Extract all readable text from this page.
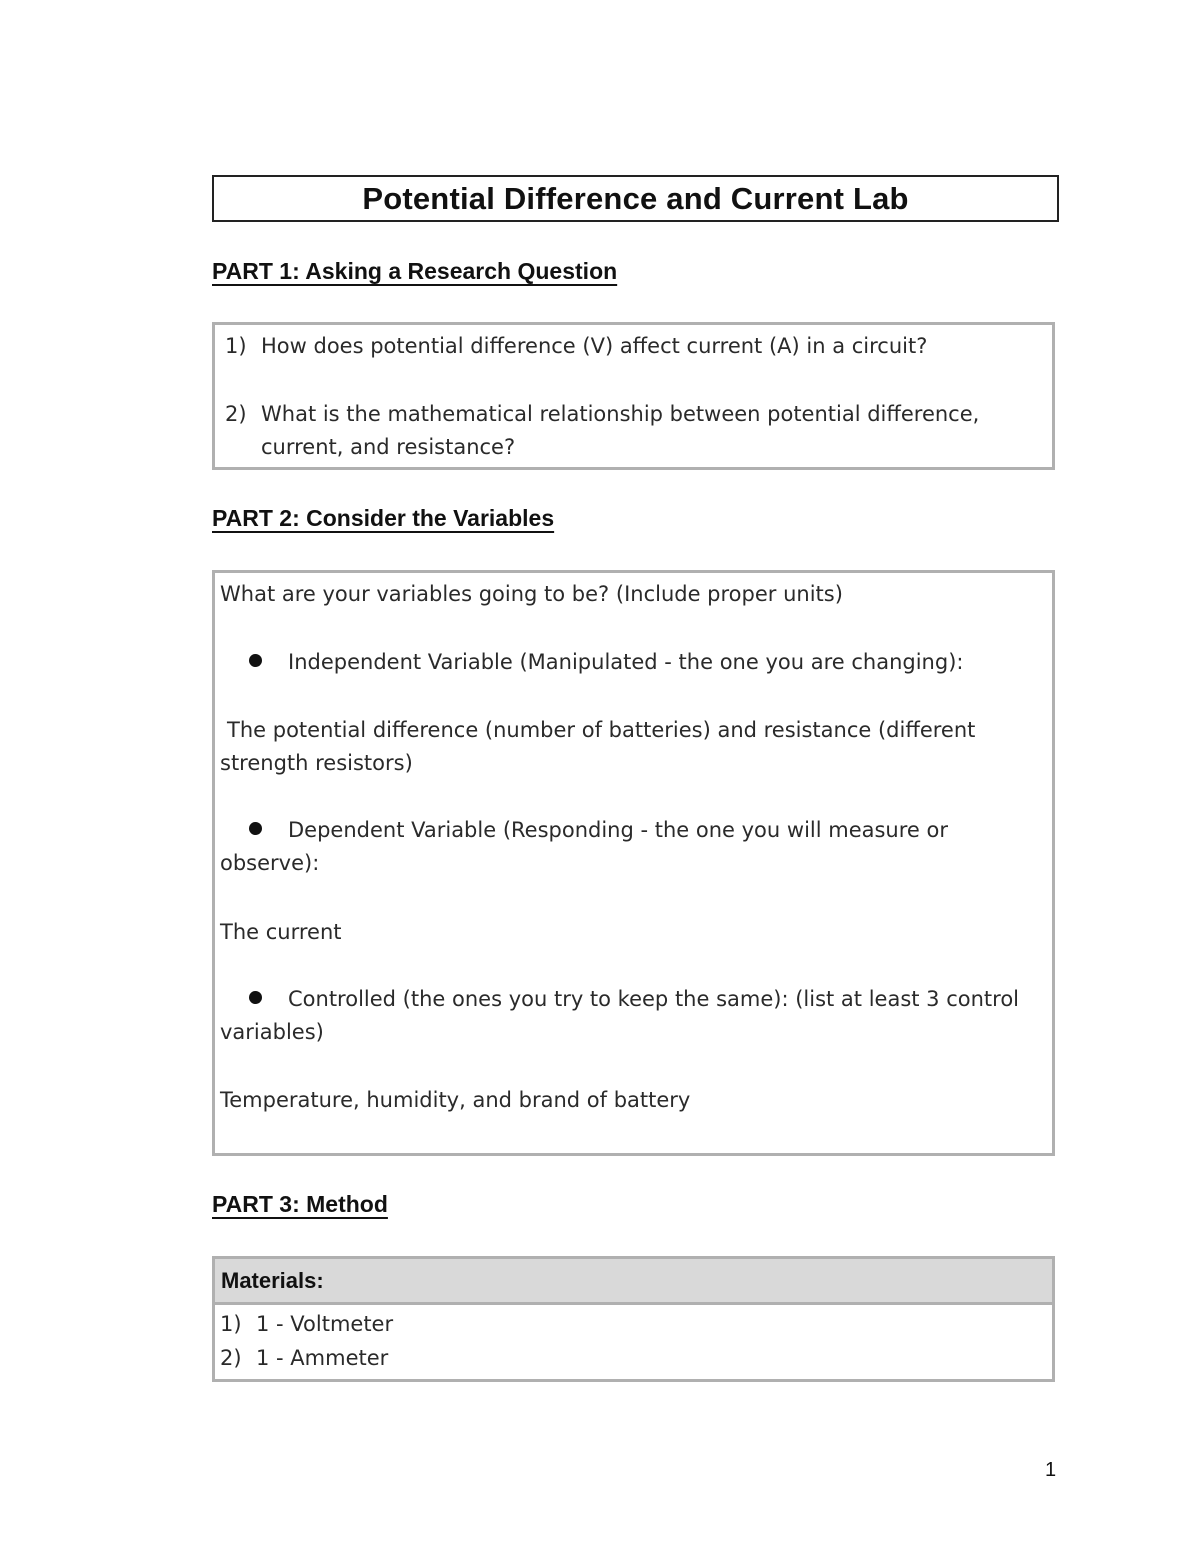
Potential Difference and Current Lab
PART 1: Asking a Research Question
1) How does potential difference (V) affect current (A) in a circuit?
2) What is the mathematical relationship between potential difference, current, and resistance?
PART 2: Consider the Variables
What are your variables going to be? (Include proper units)
Independent Variable (Manipulated - the one you are changing):
The potential difference (number of batteries) and resistance (different strength resistors)
Dependent Variable (Responding - the one you will measure or observe):
The current
Controlled (the ones you try to keep the same): (list at least 3 control variables)
Temperature, humidity, and brand of battery
PART 3: Method
Materials:
1) 1 - Voltmeter
2) 1 - Ammeter
1
